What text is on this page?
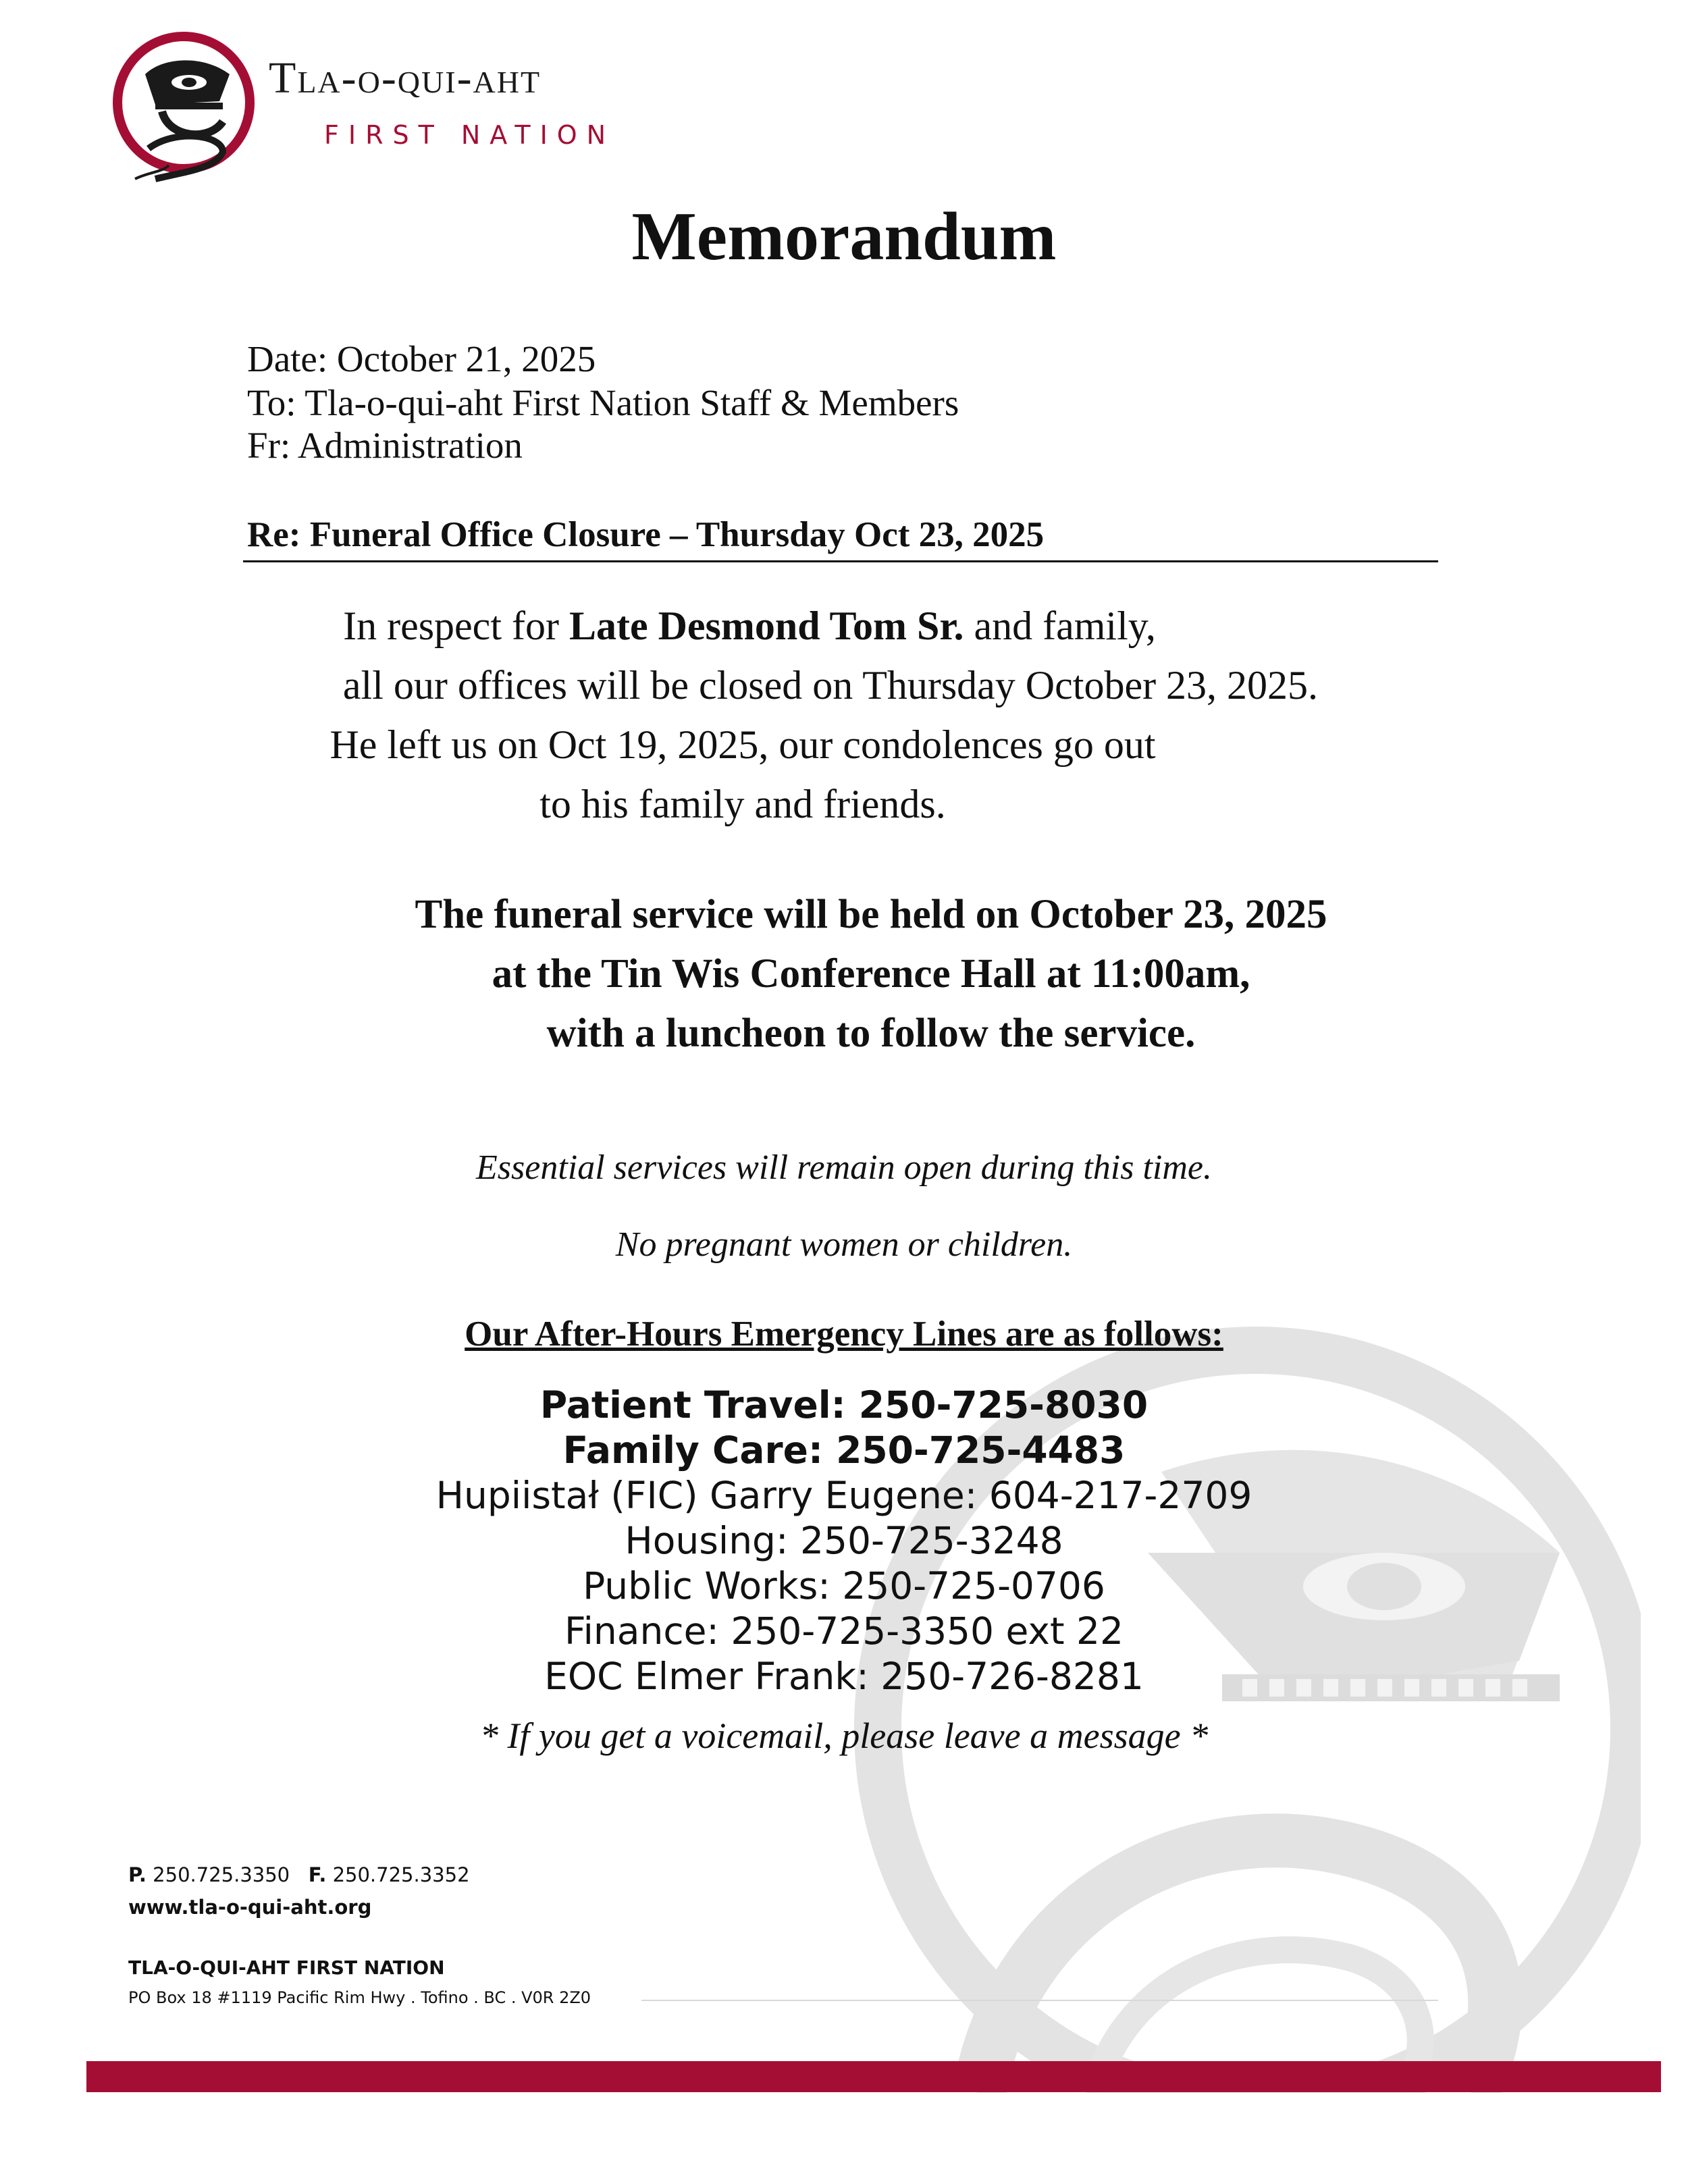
Tla-o-qui-aht
FIRST NATION
Memorandum
Date: October 21, 2025
To: Tla-o-qui-aht First Nation Staff & Members
Fr: Administration
Re: Funeral Office Closure – Thursday Oct 23, 2025
In respect for Late Desmond Tom Sr. and family,
all our offices will be closed on Thursday October 23, 2025.
He left us on Oct 19, 2025, our condolences go out
to his family and friends.
The funeral service will be held on October 23, 2025
at the Tin Wis Conference Hall at 11:00am,
with a luncheon to follow the service.
Essential services will remain open during this time.
No pregnant women or children.
Our After-Hours Emergency Lines are as follows:
Patient Travel: 250-725-8030
Family Care: 250-725-4483
Hupiistał (FIC) Garry Eugene: 604-217-2709
Housing: 250-725-3248
Public Works: 250-725-0706
Finance: 250-725-3350 ext 22
EOC Elmer Frank: 250-726-8281
* If you get a voicemail, please leave a message *
P. 250.725.3350 F. 250.725.3352
www.tla-o-qui-aht.org
TLA-O-QUI-AHT FIRST NATION
PO Box 18 #1119 Pacific Rim Hwy . Tofino . BC . V0R 2Z0
